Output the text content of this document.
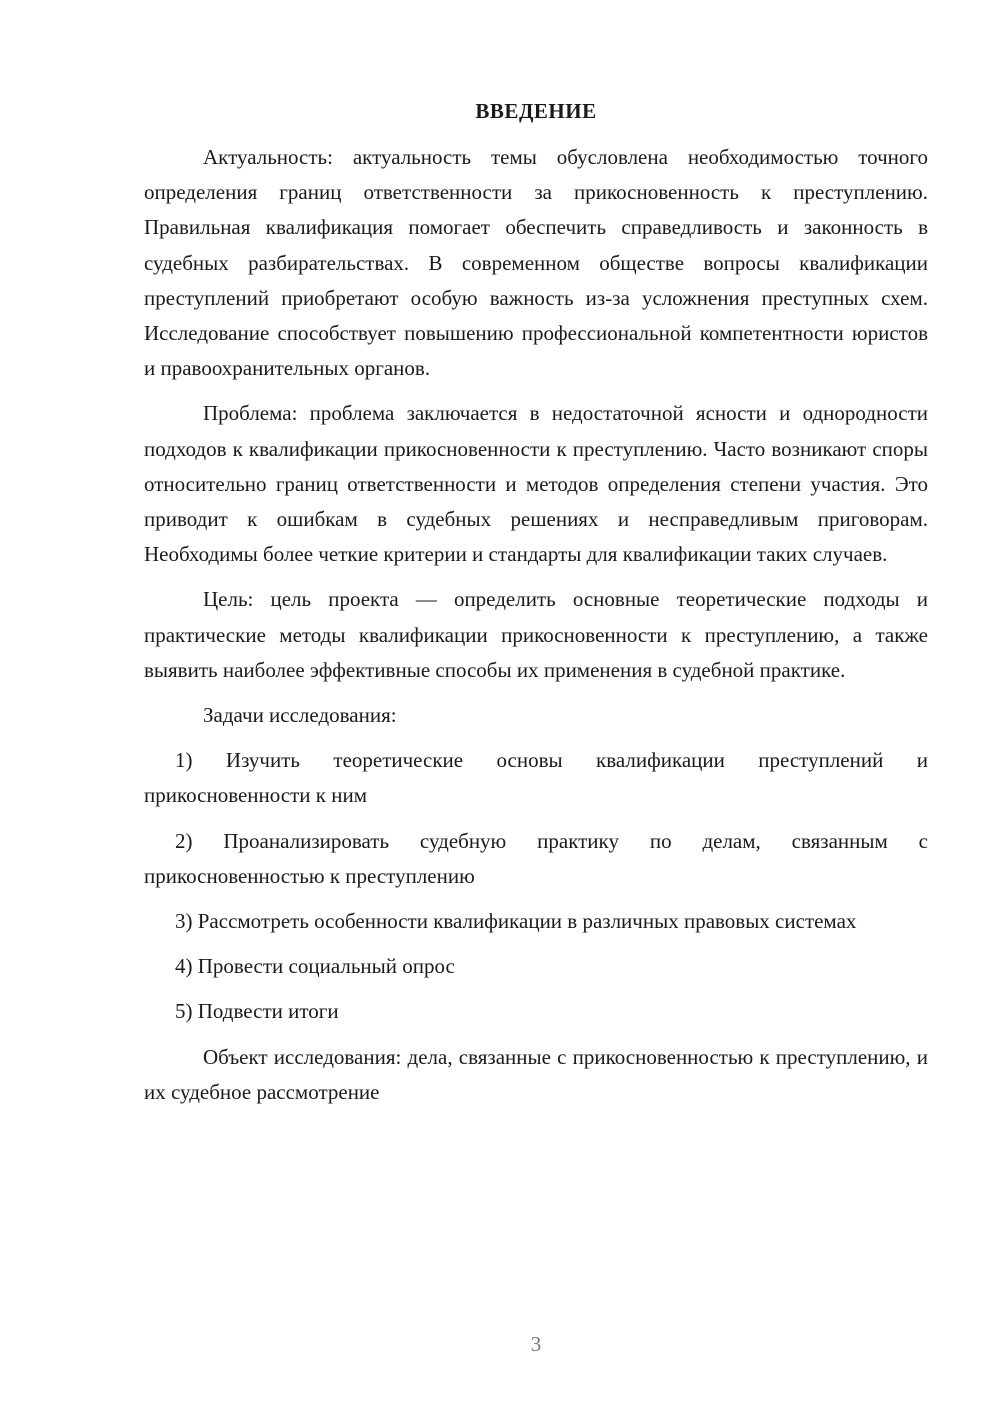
ВВЕДЕНИЕ

Актуальность: актуальность темы обусловлена необходимостью точного определения границ ответственности за прикосновенность к преступлению. Правильная квалификация помогает обеспечить справедливость и законность в судебных разбирательствах. В современном обществе вопросы квалификации преступлений приобретают особую важность из-за усложнения преступных схем. Исследование способствует повышению профессиональной компетентности юристов и правоохранительных органов.

Проблема: проблема заключается в недостаточной ясности и однородности подходов к квалификации прикосновенности к преступлению. Часто возникают споры относительно границ ответственности и методов определения степени участия. Это приводит к ошибкам в судебных решениях и несправедливым приговорам. Необходимы более четкие критерии и стандарты для квалификации таких случаев.

Цель: цель проекта — определить основные теоретические подходы и практические методы квалификации прикосновенности к преступлению, а также выявить наиболее эффективные способы их применения в судебной практике.

Задачи исследования:

1) Изучить теоретические основы квалификации преступлений и прикосновенности к ним

2) Проанализировать судебную практику по делам, связанным с прикосновенностью к преступлению

3) Рассмотреть особенности квалификации в различных правовых системах

4) Провести социальный опрос

5) Подвести итоги

Объект исследования: дела, связанные с прикосновенностью к преступлению, и их судебное рассмотрение

3
